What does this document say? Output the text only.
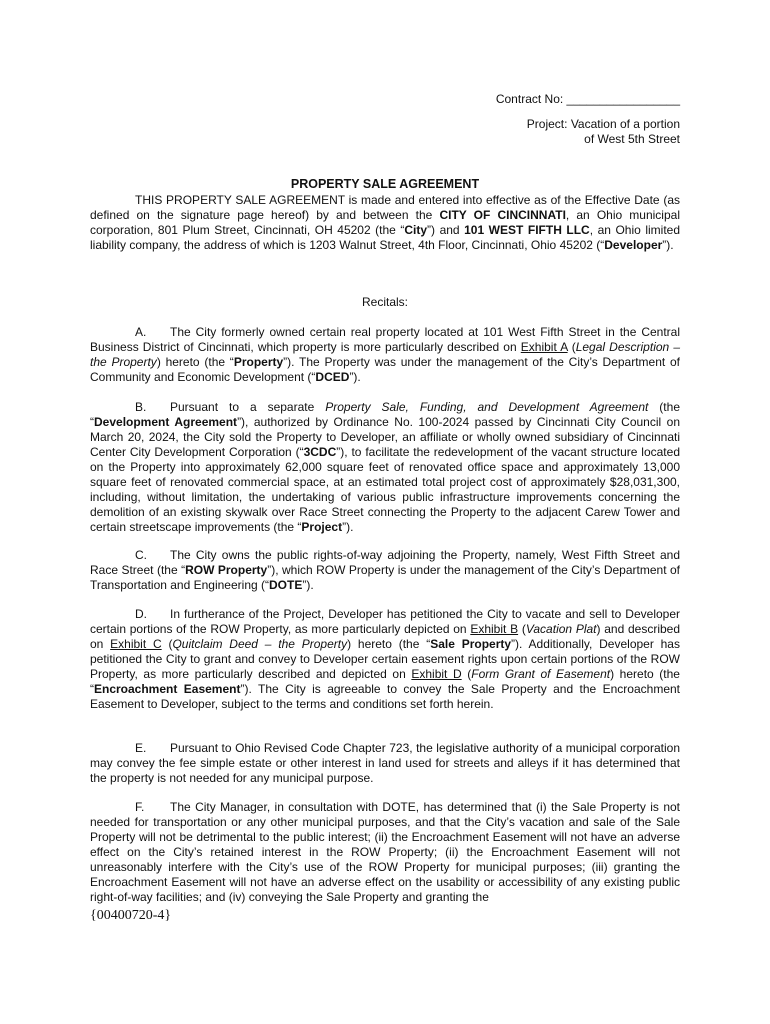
Contract No: _________________
Project: Vacation of a portion
of West 5th Street
PROPERTY SALE AGREEMENT

THIS PROPERTY SALE AGREEMENT is made and entered into effective as of the Effective Date (as defined on the signature page hereof) by and between the CITY OF CINCINNATI, an Ohio municipal corporation, 801 Plum Street, Cincinnati, OH 45202 (the “City”) and 101 WEST FIFTH LLC, an Ohio limited liability company, the address of which is 1203 Walnut Street, 4th Floor, Cincinnati, Ohio 45202 (“Developer”).

Recitals:

A. The City formerly owned certain real property located at 101 West Fifth Street in the Central Business District of Cincinnati, which property is more particularly described on Exhibit A (Legal Description – the Property) hereto (the “Property”). The Property was under the management of the City’s Department of Community and Economic Development (“DCED”).

B. Pursuant to a separate Property Sale, Funding, and Development Agreement (the “Development Agreement”), authorized by Ordinance No. 100-2024 passed by Cincinnati City Council on March 20, 2024, the City sold the Property to Developer, an affiliate or wholly owned subsidiary of Cincinnati Center City Development Corporation (“3CDC”), to facilitate the redevelopment of the vacant structure located on the Property into approximately 62,000 square feet of renovated office space and approximately 13,000 square feet of renovated commercial space, at an estimated total project cost of approximately $28,031,300, including, without limitation, the undertaking of various public infrastructure improvements concerning the demolition of an existing skywalk over Race Street connecting the Property to the adjacent Carew Tower and certain streetscape improvements (the “Project”).

C. The City owns the public rights-of-way adjoining the Property, namely, West Fifth Street and Race Street (the “ROW Property”), which ROW Property is under the management of the City’s Department of Transportation and Engineering (“DOTE”).

D. In furtherance of the Project, Developer has petitioned the City to vacate and sell to Developer certain portions of the ROW Property, as more particularly depicted on Exhibit B (Vacation Plat) and described on Exhibit C (Quitclaim Deed – the Property) hereto (the “Sale Property”). Additionally, Developer has petitioned the City to grant and convey to Developer certain easement rights upon certain portions of the ROW Property, as more particularly described and depicted on Exhibit D (Form Grant of Easement) hereto (the “Encroachment Easement”). The City is agreeable to convey the Sale Property and the Encroachment Easement to Developer, subject to the terms and conditions set forth herein.

E. Pursuant to Ohio Revised Code Chapter 723, the legislative authority of a municipal corporation may convey the fee simple estate or other interest in land used for streets and alleys if it has determined that the property is not needed for any municipal purpose.

F. The City Manager, in consultation with DOTE, has determined that (i) the Sale Property is not needed for transportation or any other municipal purposes, and that the City’s vacation and sale of the Sale Property will not be detrimental to the public interest; (ii) the Encroachment Easement will not have an adverse effect on the City’s retained interest in the ROW Property; (ii) the Encroachment Easement will not unreasonably interfere with the City’s use of the ROW Property for municipal purposes; (iii) granting the Encroachment Easement will not have an adverse effect on the usability or accessibility of any existing public right-of-way facilities; and (iv) conveying the Sale Property and granting the

{00400720-4}
